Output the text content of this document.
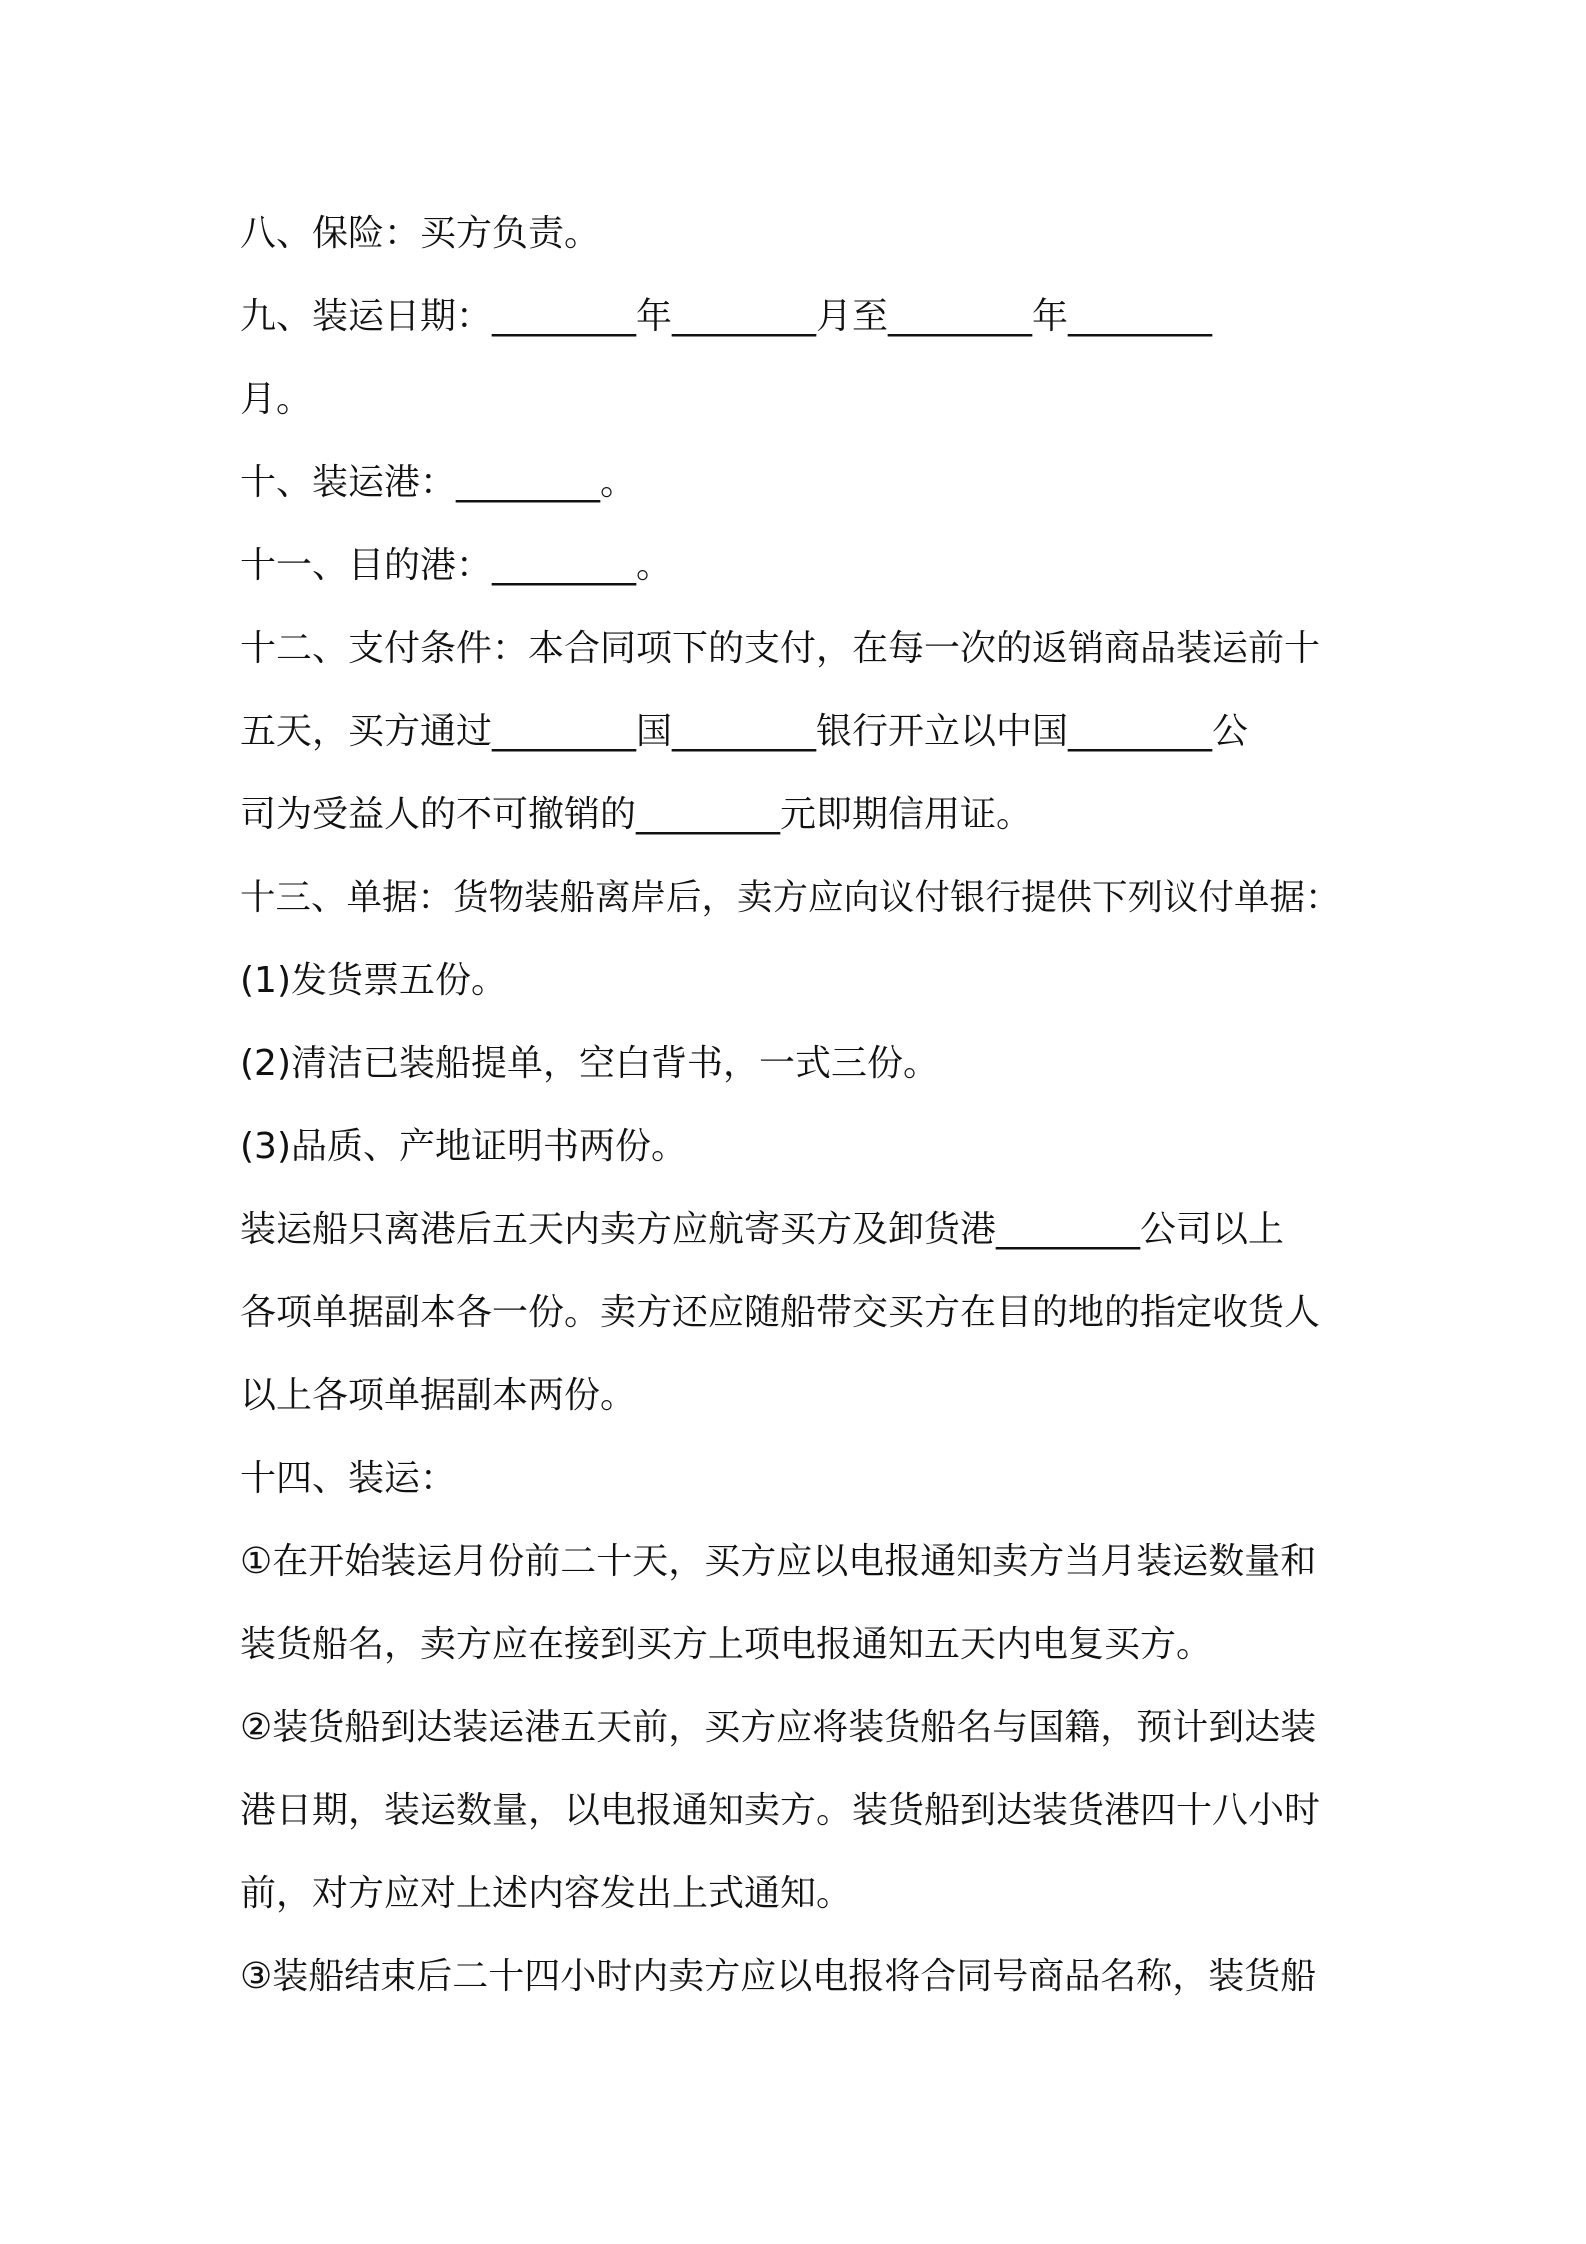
八、保险：买方负责。
九、装运日期：________年________月至________年________
月。
十、装运港：________。
十一、目的港：________。
十二、支付条件：本合同项下的支付，在每一次的返销商品装运前十
五天，买方通过________国________银行开立以中国________公
司为受益人的不可撤销的________元即期信用证。
十三、单据：货物装船离岸后，卖方应向议付银行提供下列议付单据：
(1)发货票五份。
(2)清洁已装船提单，空白背书，一式三份。
(3)品质、产地证明书两份。
装运船只离港后五天内卖方应航寄买方及卸货港________公司以上
各项单据副本各一份。卖方还应随船带交买方在目的地的指定收货人
以上各项单据副本两份。
十四、装运：
①在开始装运月份前二十天，买方应以电报通知卖方当月装运数量和
装货船名，卖方应在接到买方上项电报通知五天内电复买方。
②装货船到达装运港五天前，买方应将装货船名与国籍，预计到达装
港日期，装运数量，以电报通知卖方。装货船到达装货港四十八小时
前，对方应对上述内容发出上式通知。
③装船结束后二十四小时内卖方应以电报将合同号商品名称，装货船
